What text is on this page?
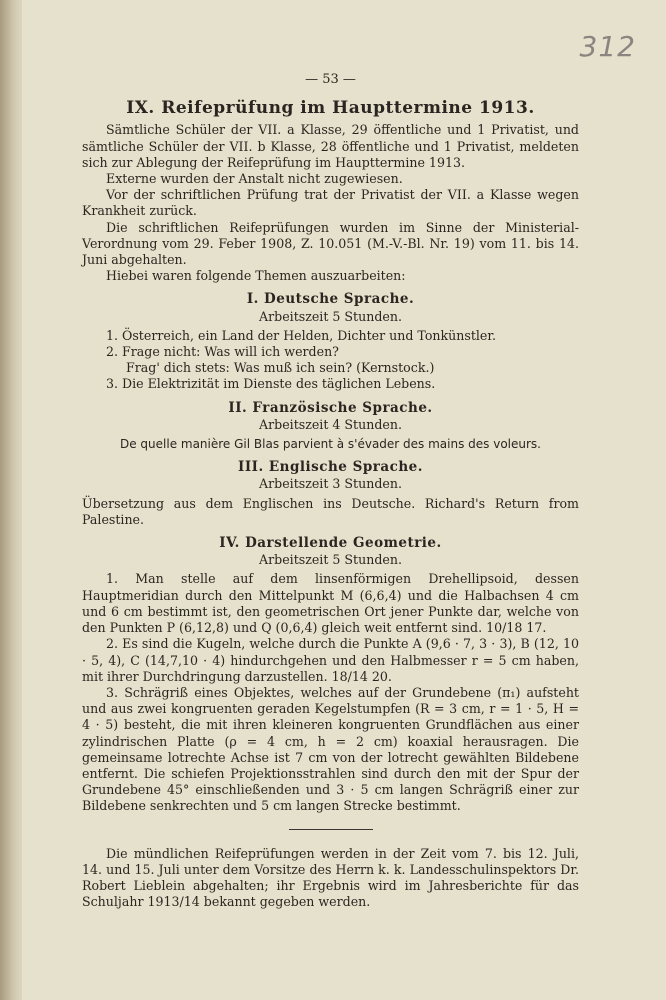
312
— 53 —
IX. Reifeprüfung im Haupttermine 1913.

Sämtliche Schüler der VII. a Klasse, 29 öffentliche und 1 Privatist, und sämtliche Schüler der VII. b Klasse, 28 öffentliche und 1 Privatist, meldeten sich zur Ablegung der Reifeprüfung im Haupttermine 1913.

Externe wurden der Anstalt nicht zugewiesen.

Vor der schriftlichen Prüfung trat der Privatist der VII. a Klasse wegen Krankheit zurück.

Die schriftlichen Reifeprüfungen wurden im Sinne der Ministerial-Verordnung vom 29. Feber 1908, Z. 10.051 (M.-V.-Bl. Nr. 19) vom 11. bis 14. Juni abgehalten.

Hiebei waren folgende Themen auszuarbeiten:

I. Deutsche Sprache.
Arbeitszeit 5 Stunden.

1. Österreich, ein Land der Helden, Dichter und Tonkünstler.

2. Frage nicht: Was will ich werden?

Frag' dich stets: Was muß ich sein? (Kernstock.)

3. Die Elektrizität im Dienste des täglichen Lebens.

II. Französische Sprache.
Arbeitszeit 4 Stunden.

De quelle manière Gil Blas parvient à s'évader des mains des voleurs.

III. Englische Sprache.
Arbeitszeit 3 Stunden.

Übersetzung aus dem Englischen ins Deutsche. Richard's Return from Palestine.

IV. Darstellende Geometrie.
Arbeitszeit 5 Stunden.

1. Man stelle auf dem linsenförmigen Drehellipsoid, dessen Hauptmeridian durch den Mittelpunkt M (6,6,4) und die Halbachsen 4 cm und 6 cm bestimmt ist, den geometrischen Ort jener Punkte dar, welche von den Punkten P (6,12,8) und Q (0,6,4) gleich weit entfernt sind. 10/18 17.

2. Es sind die Kugeln, welche durch die Punkte A (9,6 · 7, 3 · 3), B (12, 10 · 5, 4), C (14,7,10 · 4) hindurchgehen und den Halbmesser r = 5 cm haben, mit ihrer Durchdringung darzustellen. 18/14 20.

3. Schrägriß eines Objektes, welches auf der Grundebene (π₁) aufsteht und aus zwei kongruenten geraden Kegelstumpfen (R = 3 cm, r = 1 · 5, H = 4 · 5) besteht, die mit ihren kleineren kongruenten Grundflächen aus einer zylindrischen Platte (ρ = 4 cm, h = 2 cm) koaxial herausragen. Die gemeinsame lotrechte Achse ist 7 cm von der lotrecht gewählten Bildebene entfernt. Die schiefen Projektionsstrahlen sind durch den mit der Spur der Grundebene 45° einschließenden und 3 · 5 cm langen Schrägriß einer zur Bildebene senkrechten und 5 cm langen Strecke bestimmt.

Die mündlichen Reifeprüfungen werden in der Zeit vom 7. bis 12. Juli, 14. und 15. Juli unter dem Vorsitze des Herrn k. k. Landesschulinspektors Dr. Robert Lieblein abgehalten; ihr Ergebnis wird im Jahresberichte für das Schuljahr 1913/14 bekannt gegeben werden.
